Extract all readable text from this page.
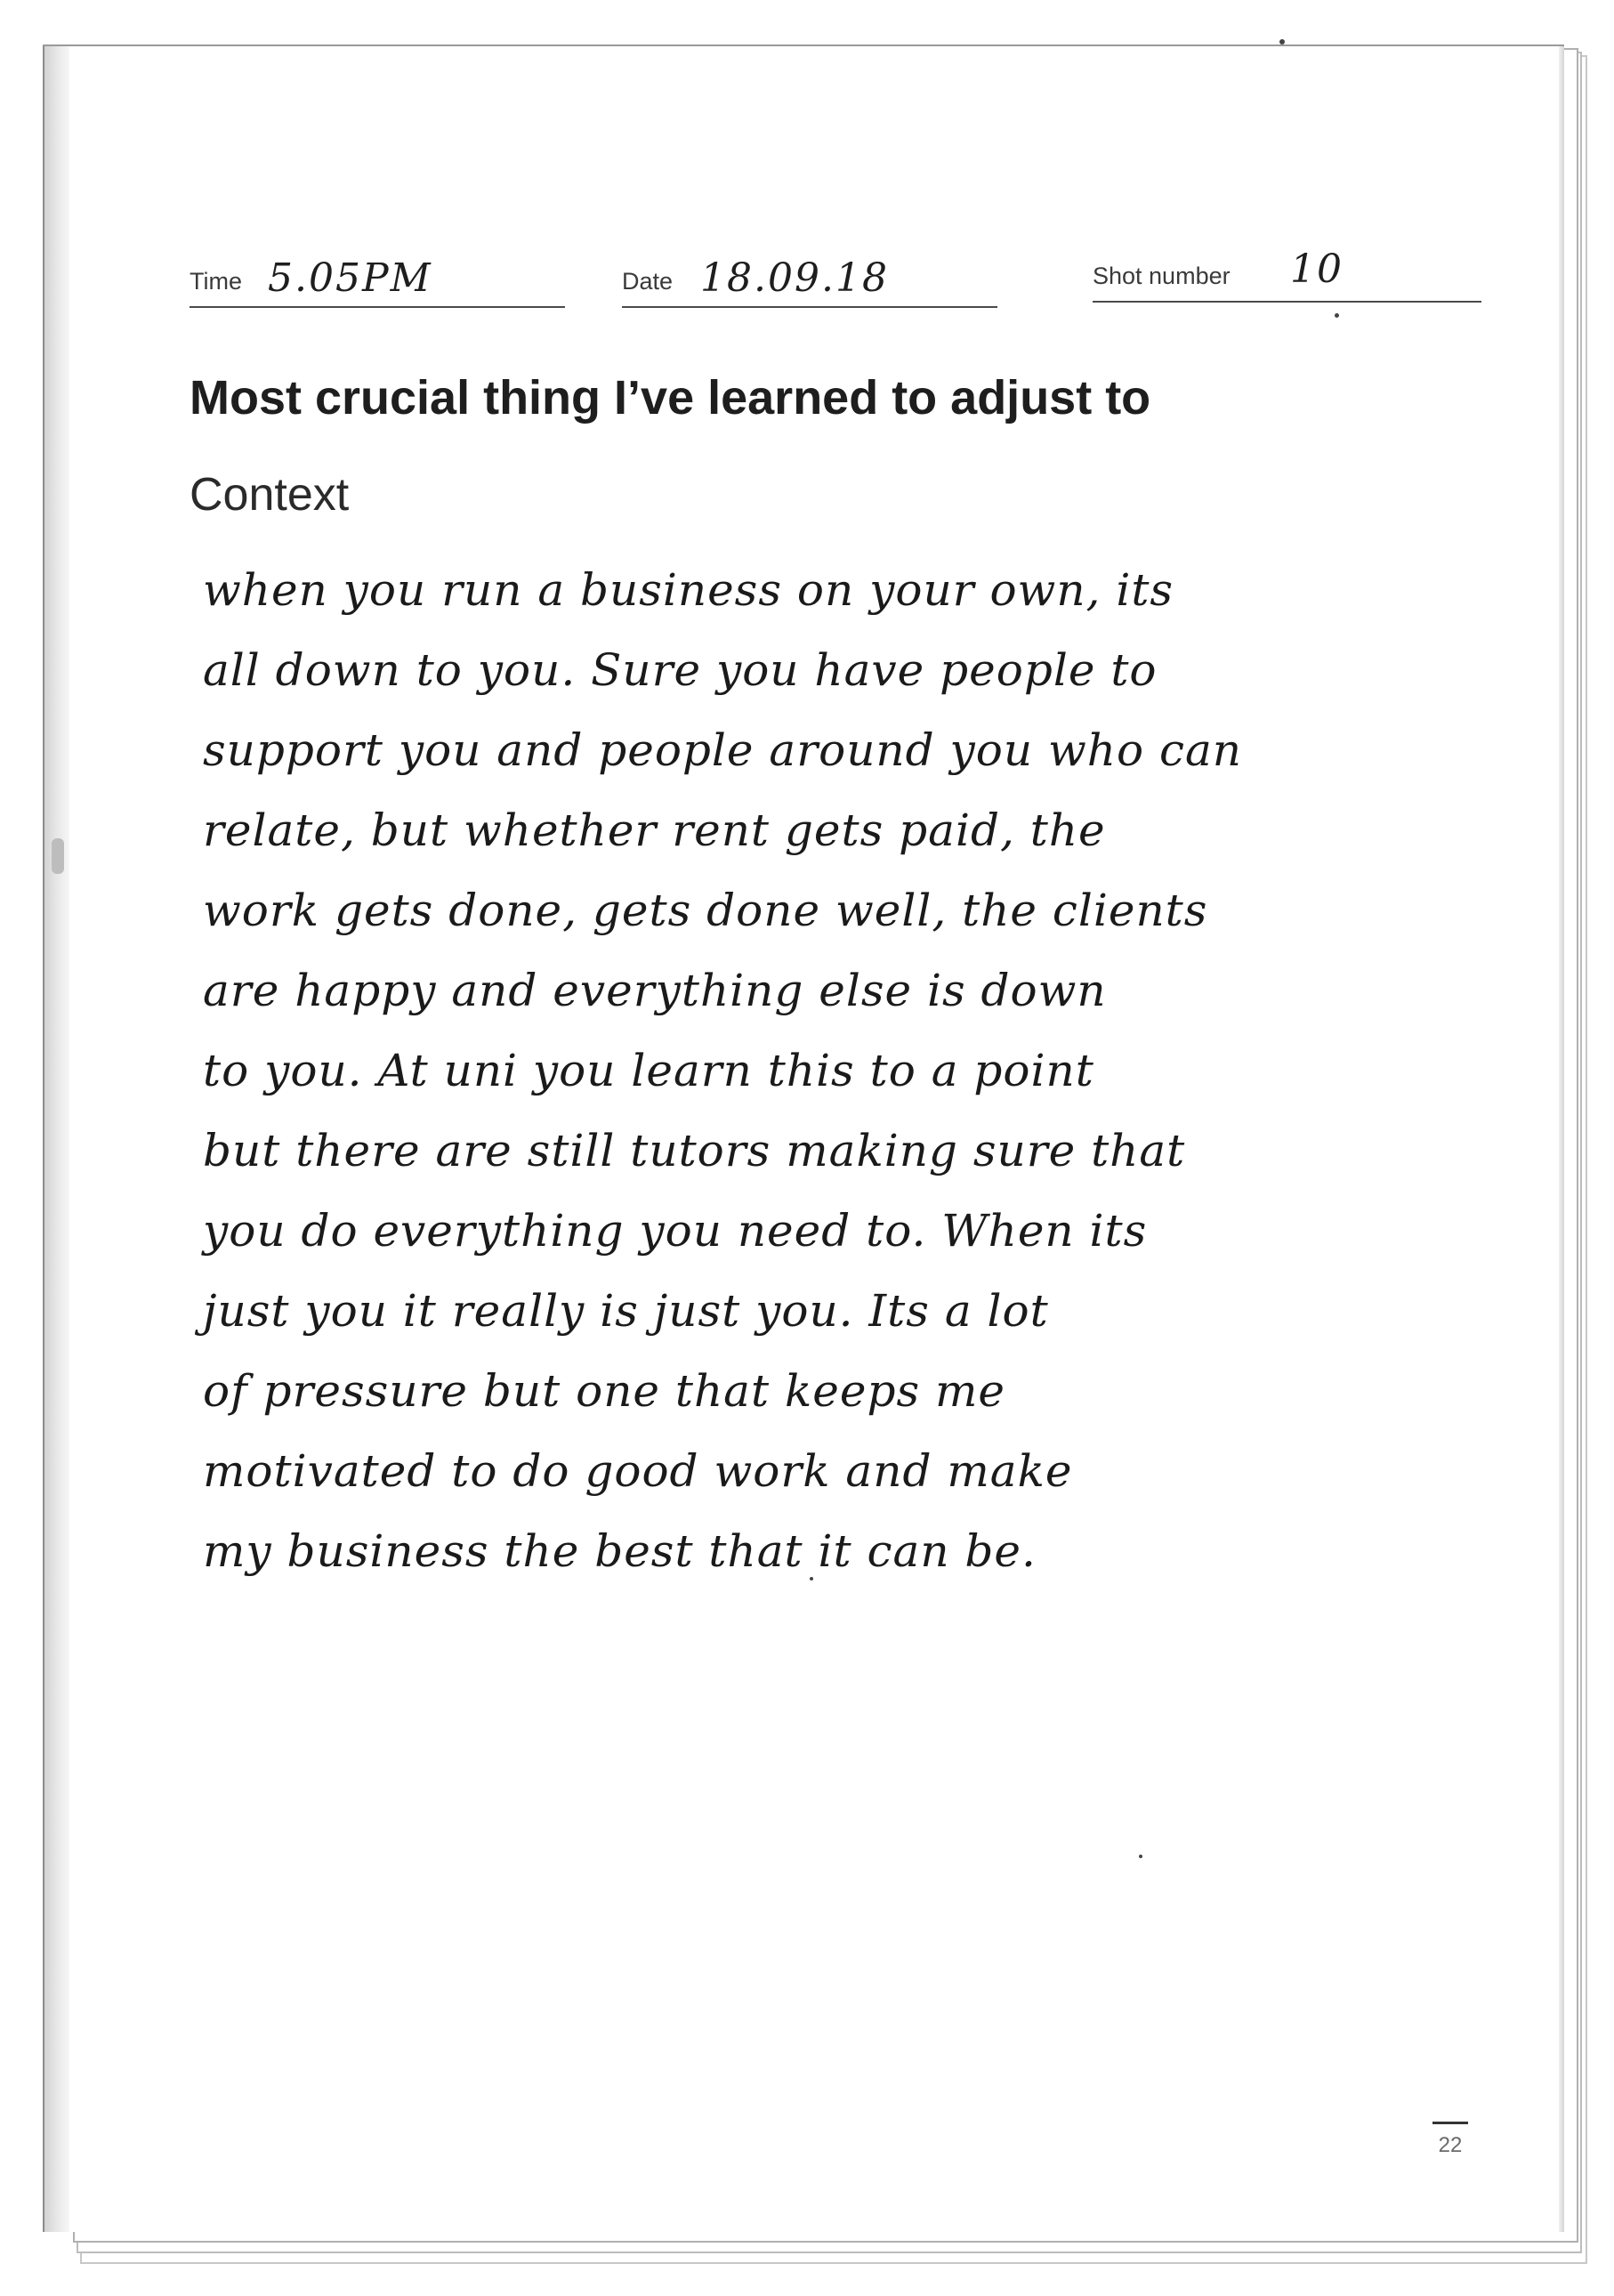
Time 5.05PM	Date 18.09.18	Shot number 10
Most crucial thing I’ve learned to adjust to
Context
when you run a business on your own, its
all down to you. Sure you have people to
support you and people around you who can
relate, but whether rent gets paid, the
work gets done, gets done well, the clients
are happy and everything else is down
to you. At uni you learn this to a point
but there are still tutors making sure that
you do everything you need to. When its
just you it really is just you. Its a lot
of pressure but one that keeps me
motivated to do good work and make
my business the best that it can be.
22
